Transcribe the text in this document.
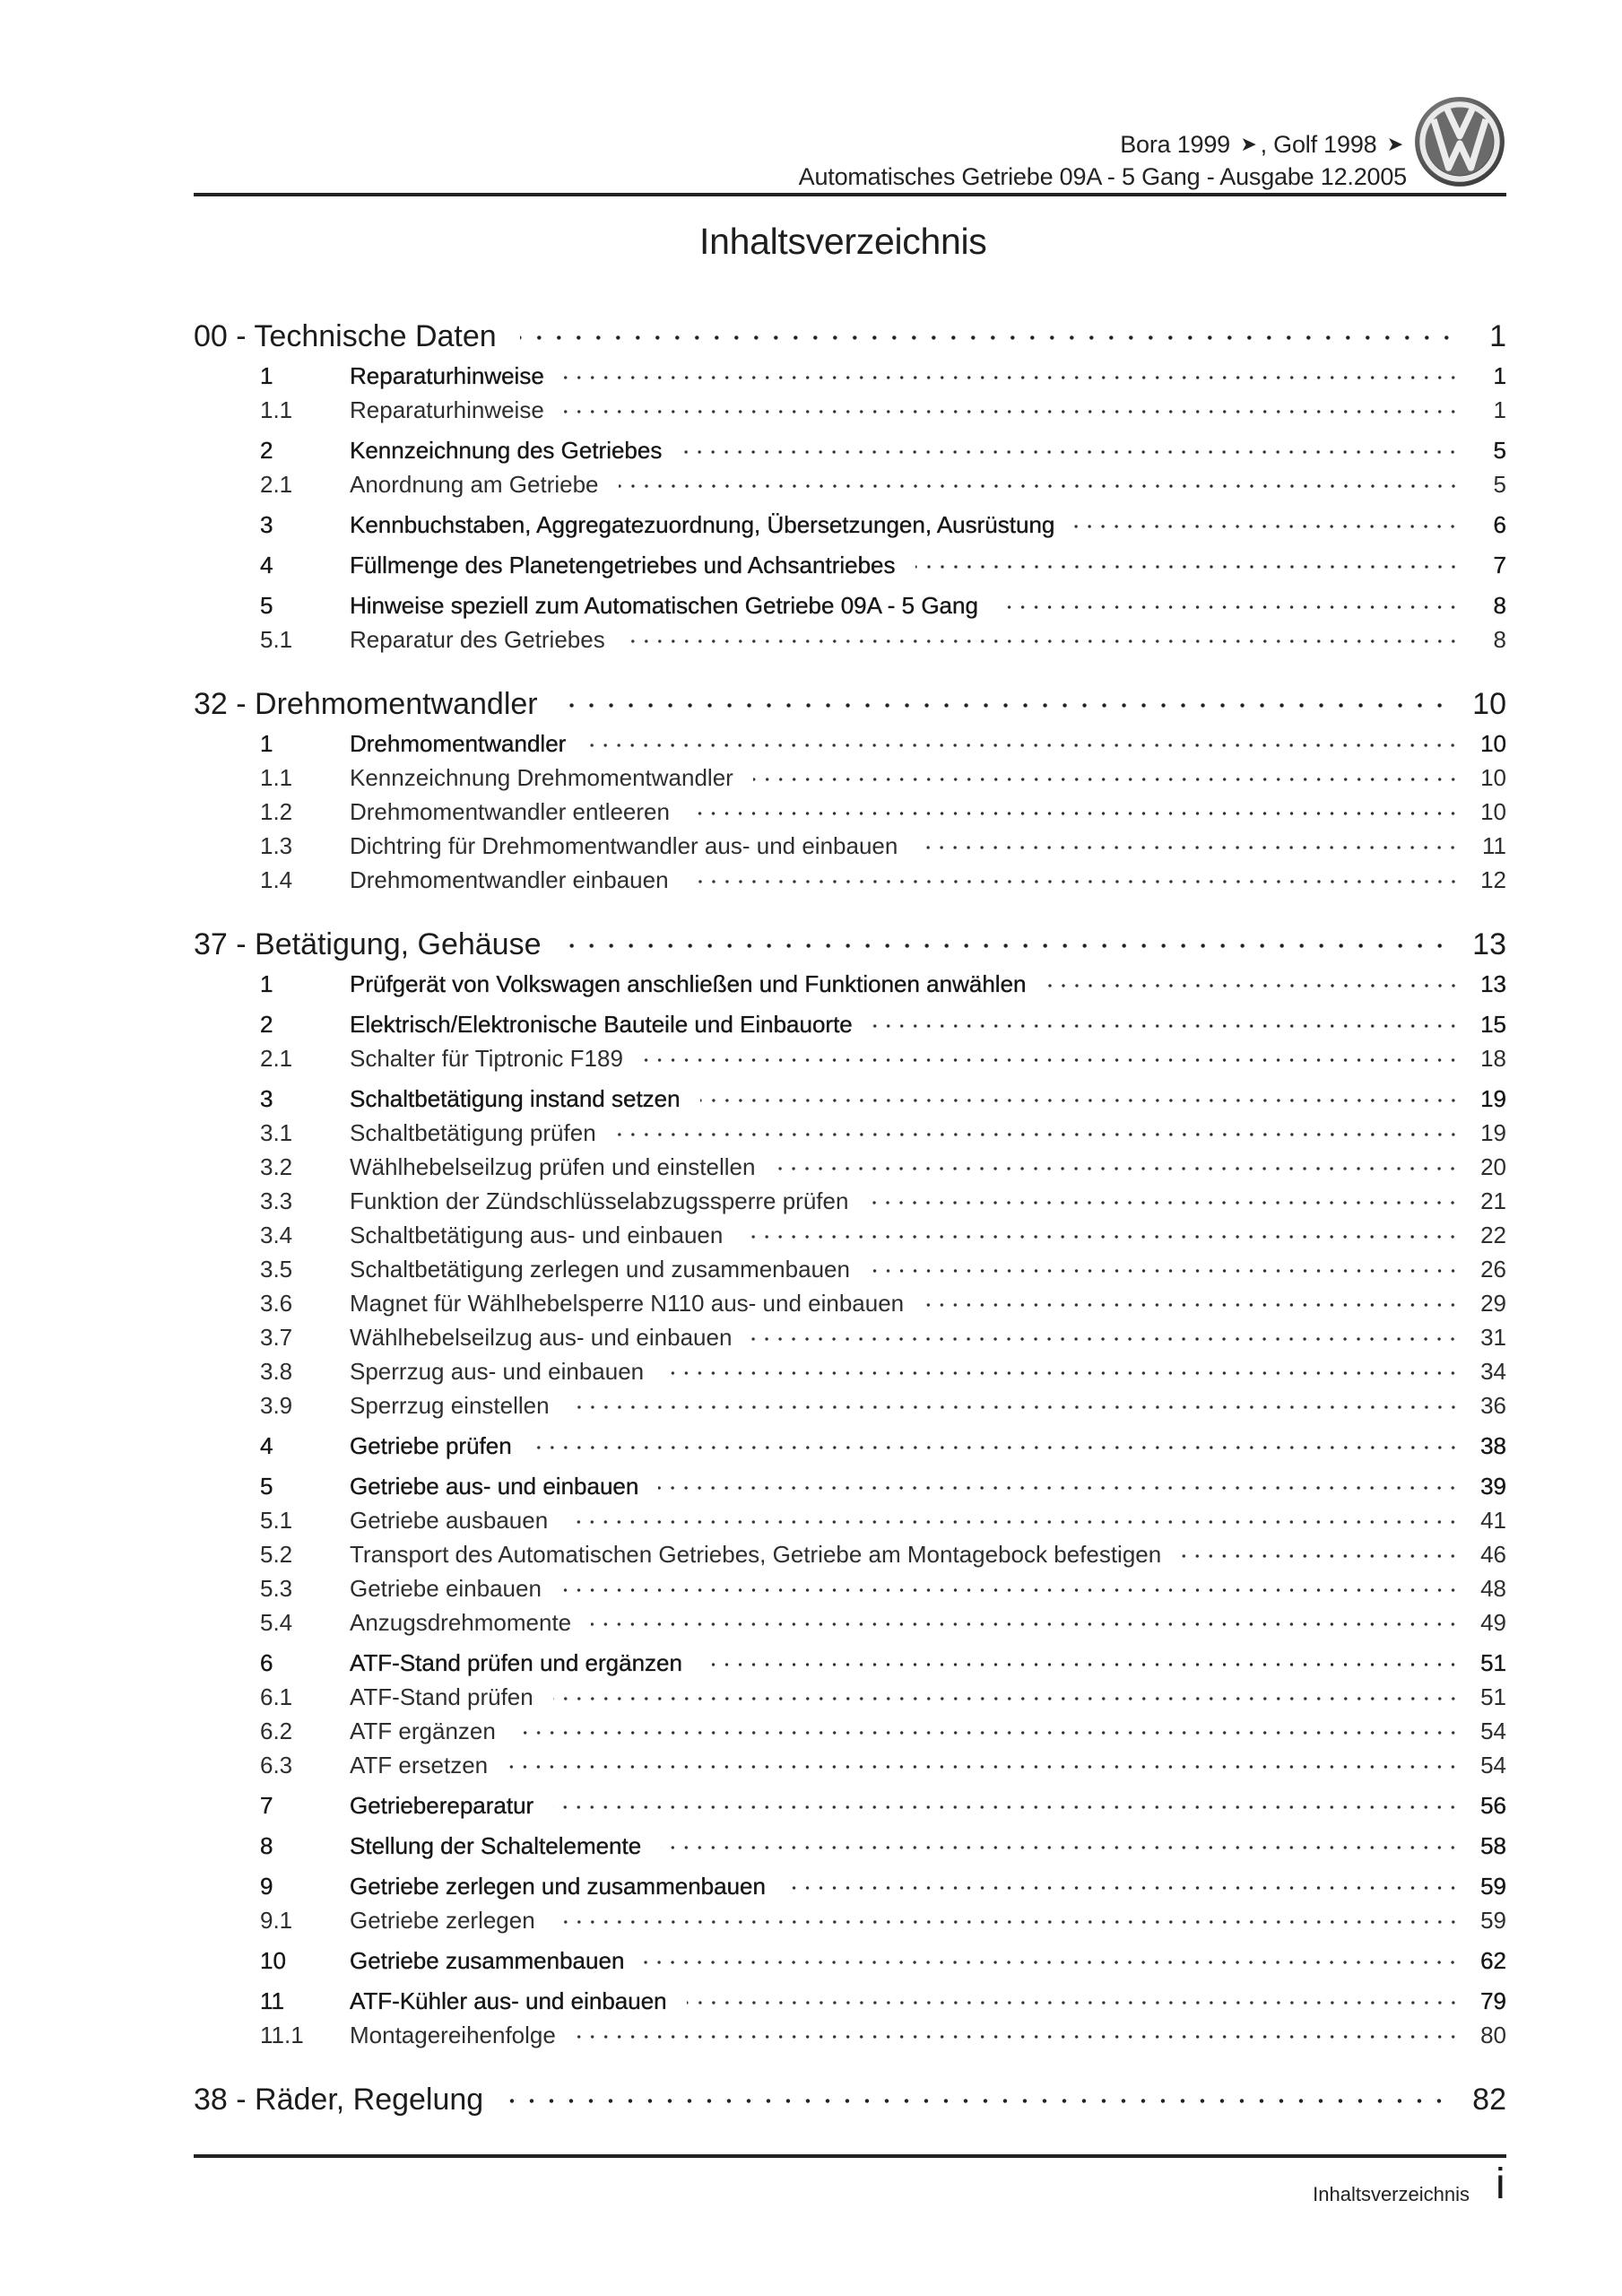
Bora 1999 ➤ , Golf 1998 ➤
Automatisches Getriebe 09A - 5 Gang - Ausgabe 12.2005
Inhaltsverzeichnis
00 - Technische Daten	1
1	Reparaturhinweise	1
1.1	Reparaturhinweise	1
2	Kennzeichnung des Getriebes	5
2.1	Anordnung am Getriebe	5
3	Kennbuchstaben, Aggregatezuordnung, Übersetzungen, Ausrüstung	6
4	Füllmenge des Planetengetriebes und Achsantriebes	7
5	Hinweise speziell zum Automatischen Getriebe 09A - 5 Gang	8
5.1	Reparatur des Getriebes	8
32 - Drehmomentwandler	10
1	Drehmomentwandler	10
1.1	Kennzeichnung Drehmomentwandler	10
1.2	Drehmomentwandler entleeren	10
1.3	Dichtring für Drehmomentwandler aus- und einbauen	11
1.4	Drehmomentwandler einbauen	12
37 - Betätigung, Gehäuse	13
1	Prüfgerät von Volkswagen anschließen und Funktionen anwählen	13
2	Elektrisch/Elektronische Bauteile und Einbauorte	15
2.1	Schalter für Tiptronic F189	18
3	Schaltbetätigung instand setzen	19
3.1	Schaltbetätigung prüfen	19
3.2	Wählhebelseilzug prüfen und einstellen	20
3.3	Funktion der Zündschlüsselabzugssperre prüfen	21
3.4	Schaltbetätigung aus- und einbauen	22
3.5	Schaltbetätigung zerlegen und zusammenbauen	26
3.6	Magnet für Wählhebelsperre N110 aus- und einbauen	29
3.7	Wählhebelseilzug aus- und einbauen	31
3.8	Sperrzug aus- und einbauen	34
3.9	Sperrzug einstellen	36
4	Getriebe prüfen	38
5	Getriebe aus- und einbauen	39
5.1	Getriebe ausbauen	41
5.2	Transport des Automatischen Getriebes, Getriebe am Montagebock befestigen	46
5.3	Getriebe einbauen	48
5.4	Anzugsdrehmomente	49
6	ATF-Stand prüfen und ergänzen	51
6.1	ATF-Stand prüfen	51
6.2	ATF ergänzen	54
6.3	ATF ersetzen	54
7	Getriebereparatur	56
8	Stellung der Schaltelemente	58
9	Getriebe zerlegen und zusammenbauen	59
9.1	Getriebe zerlegen	59
10	Getriebe zusammenbauen	62
11	ATF-Kühler aus- und einbauen	79
11.1	Montagereihenfolge	80
38 - Räder, Regelung	82
Inhaltsverzeichnis i
